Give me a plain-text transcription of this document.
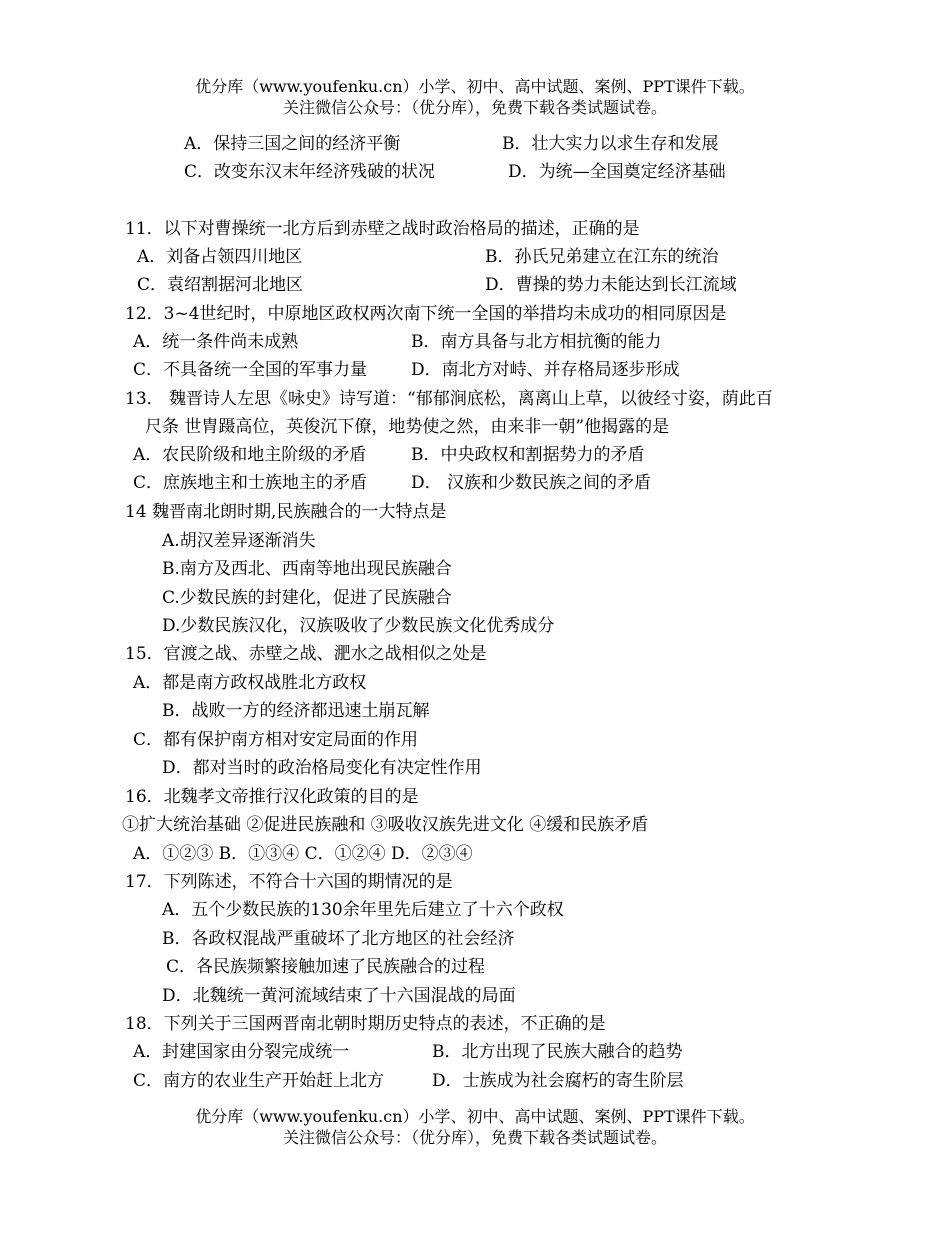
优分库（www.youfenku.cn）小学、初中、高中试题、案例、PPT课件下载。
关注微信公众号：（优分库），免费下载各类试题试卷。
A．保持三国之间的经济平衡	B．壮大实力以求生存和发展
C．改变东汉末年经济残破的状况	D．为统—全国奠定经济基础
11．以下对曹操统一北方后到赤壁之战时政治格局的描述，正确的是
A．刘备占领四川地区	B．孙氏兄弟建立在江东的统治
C．袁绍割据河北地区	D．曹操的势力未能达到长江流域
12．3~4世纪时，中原地区政权两次南下统一全国的举措均未成功的相同原因是
A．统一条件尚未成熟	B．南方具备与北方相抗衡的能力
C．不具备统一全国的军事力量	D．南北方对峙、并存格局逐步形成
13． 魏晋诗人左思《咏史》诗写道：“郁郁涧底松，离离山上草，以彼经寸姿，荫此百
尺条 世胄蹑高位，英俊沉下僚，地势使之然，由来非一朝”他揭露的是
A．农民阶级和地主阶级的矛盾	B．中央政权和割据势力的矛盾
C．庶族地主和士族地主的矛盾	D． 汉族和少数民族之间的矛盾
14 魏晋南北朗时期,民族融合的一大特点是
A.胡汉差异逐渐消失
B.南方及西北、西南等地出现民族融合
C.少数民族的封建化，促进了民族融合
D.少数民族汉化，汉族吸收了少数民族文化优秀成分
15．官渡之战、赤壁之战、淝水之战相似之处是
A．都是南方政权战胜北方政权
B．战败一方的经济都迅速土崩瓦解
C．都有保护南方相对安定局面的作用
D．都对当时的政治格局变化有决定性作用
16．北魏孝文帝推行汉化政策的目的是
①扩大统治基础 ②促进民族融和 ③吸收汉族先进文化 ④缓和民族矛盾
A．①②③ B．①③④ C．①②④ D．②③④
17．下列陈述，不符合十六国的期情况的是
A．五个少数民族的130余年里先后建立了十六个政权
B．各政权混战严重破坏了北方地区的社会经济
C．各民族频繁接触加速了民族融合的过程
D．北魏统一黄河流域结束了十六国混战的局面
18．下列关于三国两晋南北朝时期历史特点的表述，不正确的是
A．封建国家由分裂完成统一	B．北方出现了民族大融合的趋势
C．南方的农业生产开始赶上北方	D．士族成为社会腐朽的寄生阶层
优分库（www.youfenku.cn）小学、初中、高中试题、案例、PPT课件下载。
关注微信公众号：（优分库），免费下载各类试题试卷。
